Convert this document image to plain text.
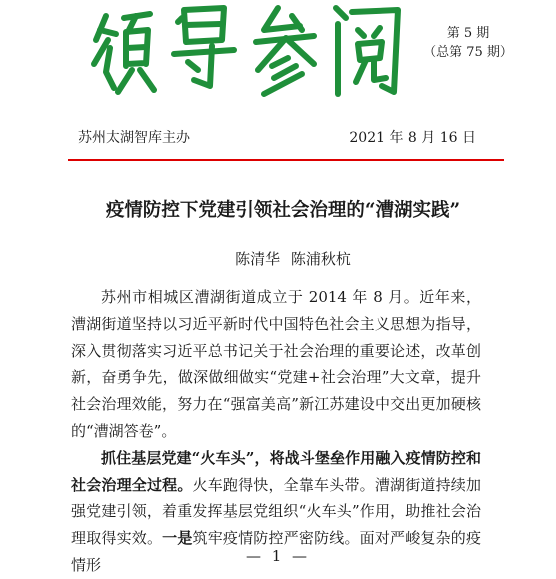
第 5 期
（总第 75 期）
苏州太湖智库主办	2021 年 8 月 16 日
疫情防控下党建引领社会治理的“漕湖实践”
陈清华 陈浦秋杭

苏州市相城区漕湖街道成立于 2014 年 8 月。近年来，漕湖街道坚持以习近平新时代中国特色社会主义思想为指导，深入贯彻落实习近平总书记关于社会治理的重要论述，改革创新，奋勇争先，做深做细做实“党建+社会治理”大文章，提升社会治理效能，努力在“强富美高”新江苏建设中交出更加硬核的“漕湖答卷”。

抓住基层党建“火车头”，将战斗堡垒作用融入疫情防控和社会治理全过程。火车跑得快，全靠车头带。漕湖街道持续加强党建引领，着重发挥基层党组织“火车头”作用，助推社会治理取得实效。一是筑牢疫情防控严密防线。面对严峻复杂的疫情形	— 1 —
